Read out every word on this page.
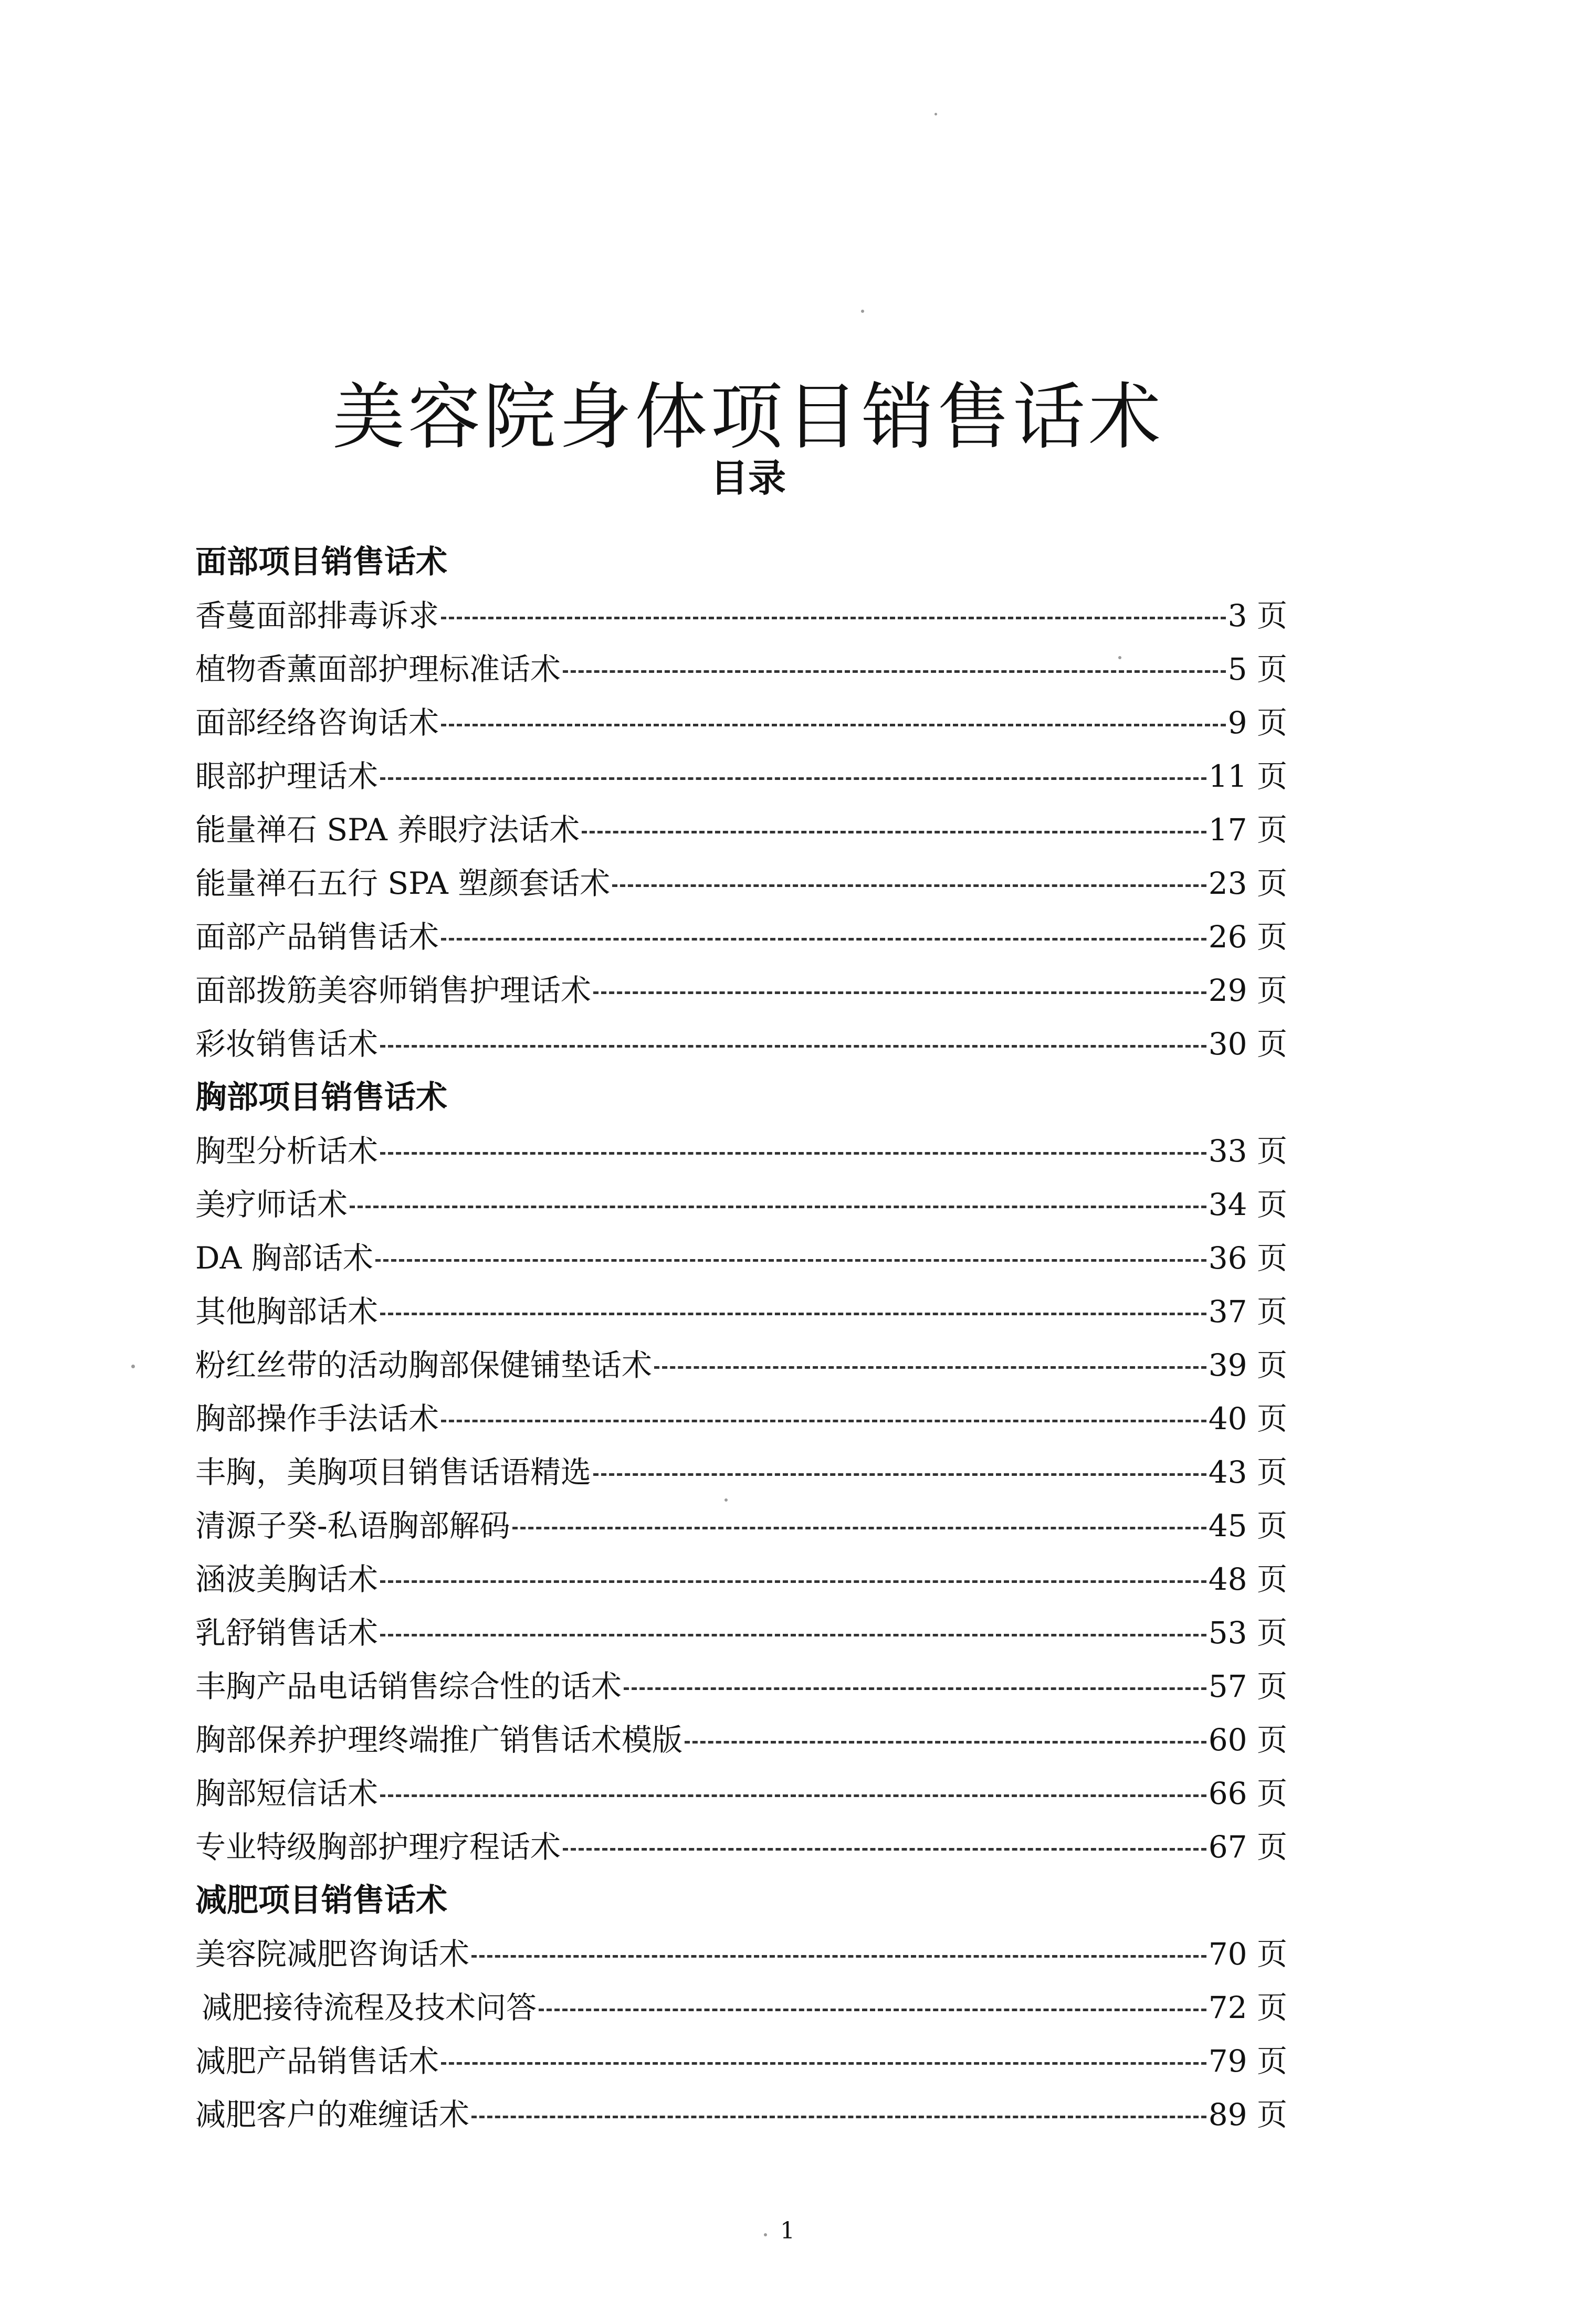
美容院身体项目销售话术
目录
面部项目销售话术
香蔓面部排毒诉求	3 页
植物香薰面部护理标准话术	5 页
面部经络咨询话术	9 页
眼部护理话术	11 页
能量禅石 SPA 养眼疗法话术	17 页
能量禅石五行 SPA 塑颜套话术	23 页
面部产品销售话术	26 页
面部拨筋美容师销售护理话术	29 页
彩妆销售话术	30 页
胸部项目销售话术
胸型分析话术	33 页
美疗师话术	34 页
DA 胸部话术	36 页
其他胸部话术	37 页
粉红丝带的活动胸部保健铺垫话术	39 页
胸部操作手法话术	40 页
丰胸，美胸项目销售话语精选	43 页
清源子癸-私语胸部解码	45 页
涵波美胸话术	48 页
乳舒销售话术	53 页
丰胸产品电话销售综合性的话术	57 页
胸部保养护理终端推广销售话术模版	60 页
胸部短信话术	66 页
专业特级胸部护理疗程话术	67 页
减肥项目销售话术
美容院减肥咨询话术	70 页
减肥接待流程及技术问答	72 页
减肥产品销售话术	79 页
减肥客户的难缠话术	89 页
1
